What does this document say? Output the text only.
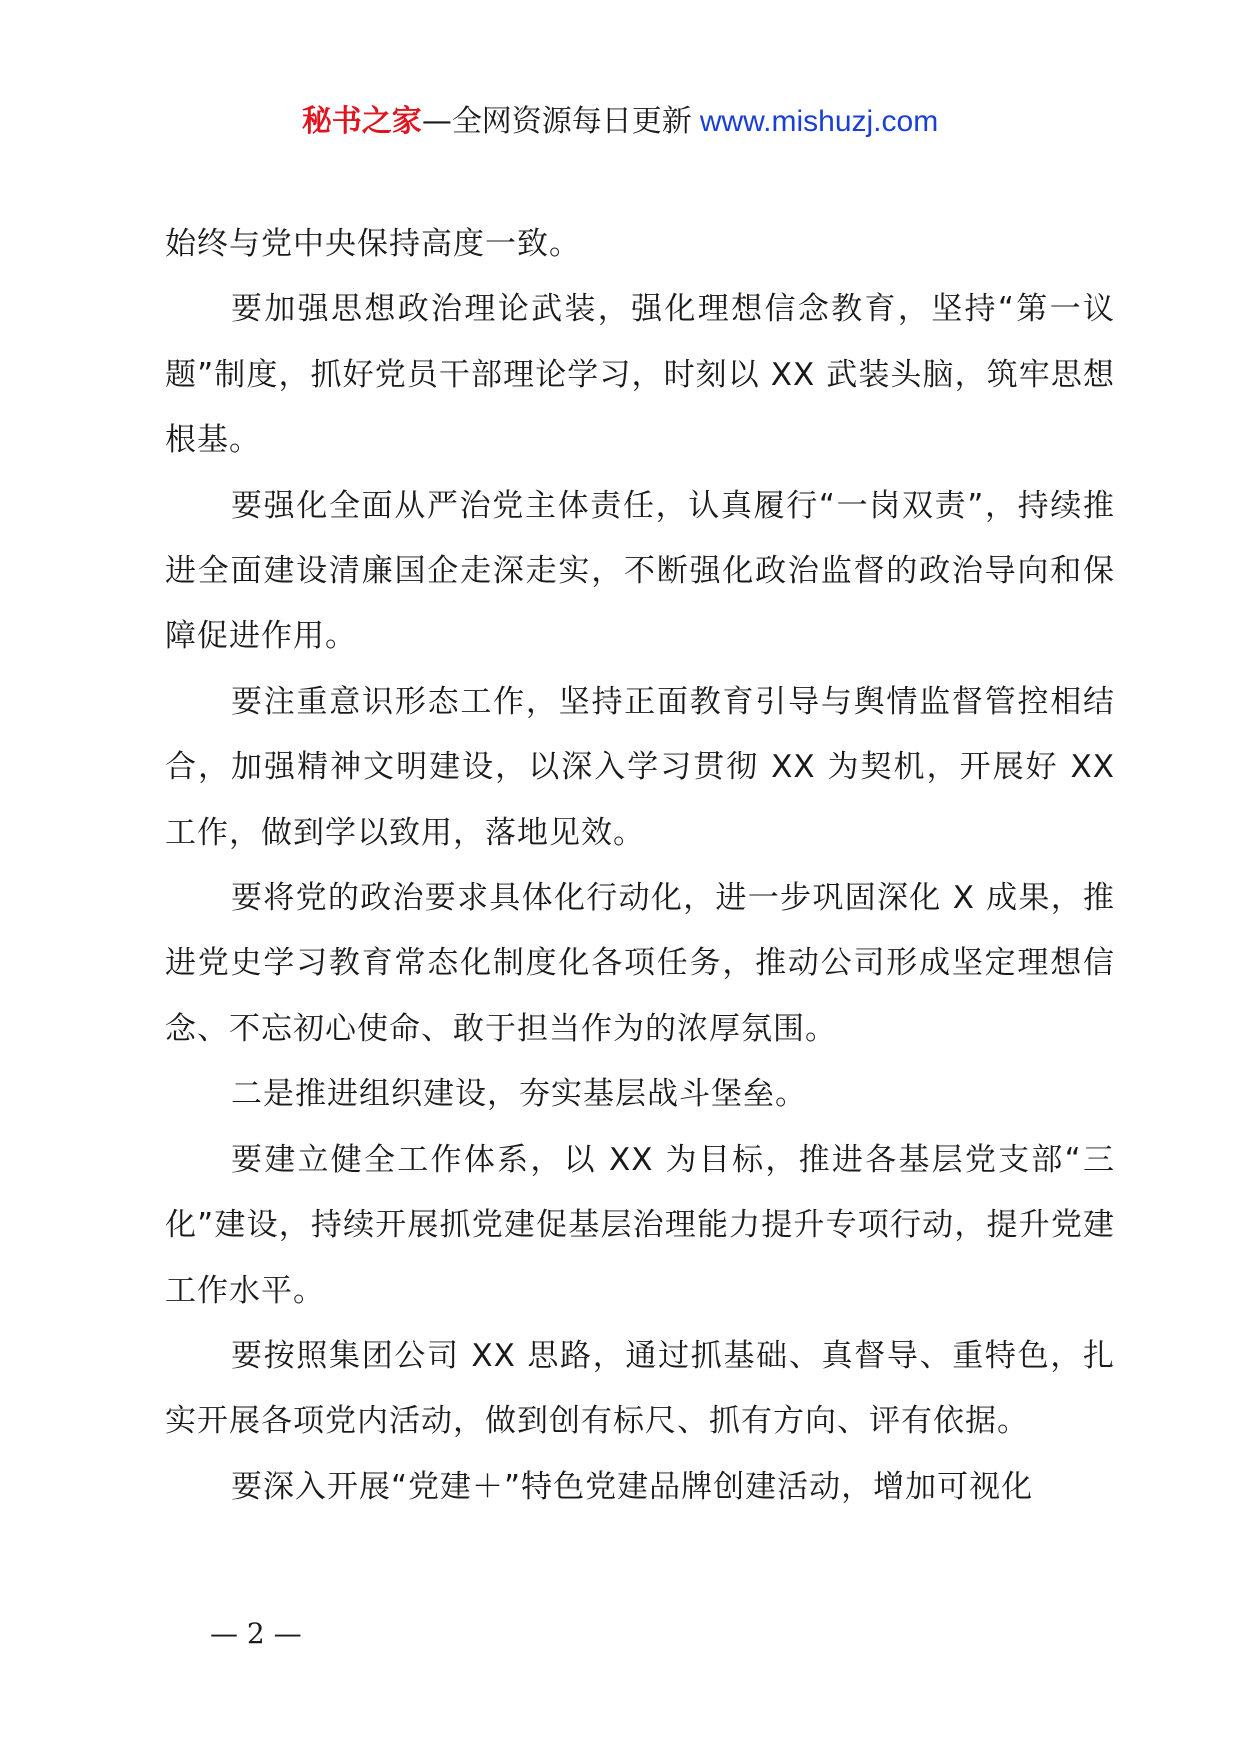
秘书之家—全网资源每日更新 www.mishuzj.com

始终与党中央保持高度一致。

要加强思想政治理论武装，强化理想信念教育，坚持“第一议题”制度，抓好党员干部理论学习，时刻以 XX 武装头脑，筑牢思想根基。

要强化全面从严治党主体责任，认真履行“一岗双责”，持续推进全面建设清廉国企走深走实，不断强化政治监督的政治导向和保障促进作用。

要注重意识形态工作，坚持正面教育引导与舆情监督管控相结合，加强精神文明建设，以深入学习贯彻 XX 为契机，开展好 XX 工作，做到学以致用，落地见效。

要将党的政治要求具体化行动化，进一步巩固深化 X 成果，推进党史学习教育常态化制度化各项任务，推动公司形成坚定理想信念、不忘初心使命、敢于担当作为的浓厚氛围。

二是推进组织建设，夯实基层战斗堡垒。

要建立健全工作体系，以 XX 为目标，推进各基层党支部“三化”建设，持续开展抓党建促基层治理能力提升专项行动，提升党建工作水平。

要按照集团公司 XX 思路，通过抓基础、真督导、重特色，扎实开展各项党内活动，做到创有标尺、抓有方向、评有依据。

要深入开展“党建＋”特色党建品牌创建活动，增加可视化

— 2 —
